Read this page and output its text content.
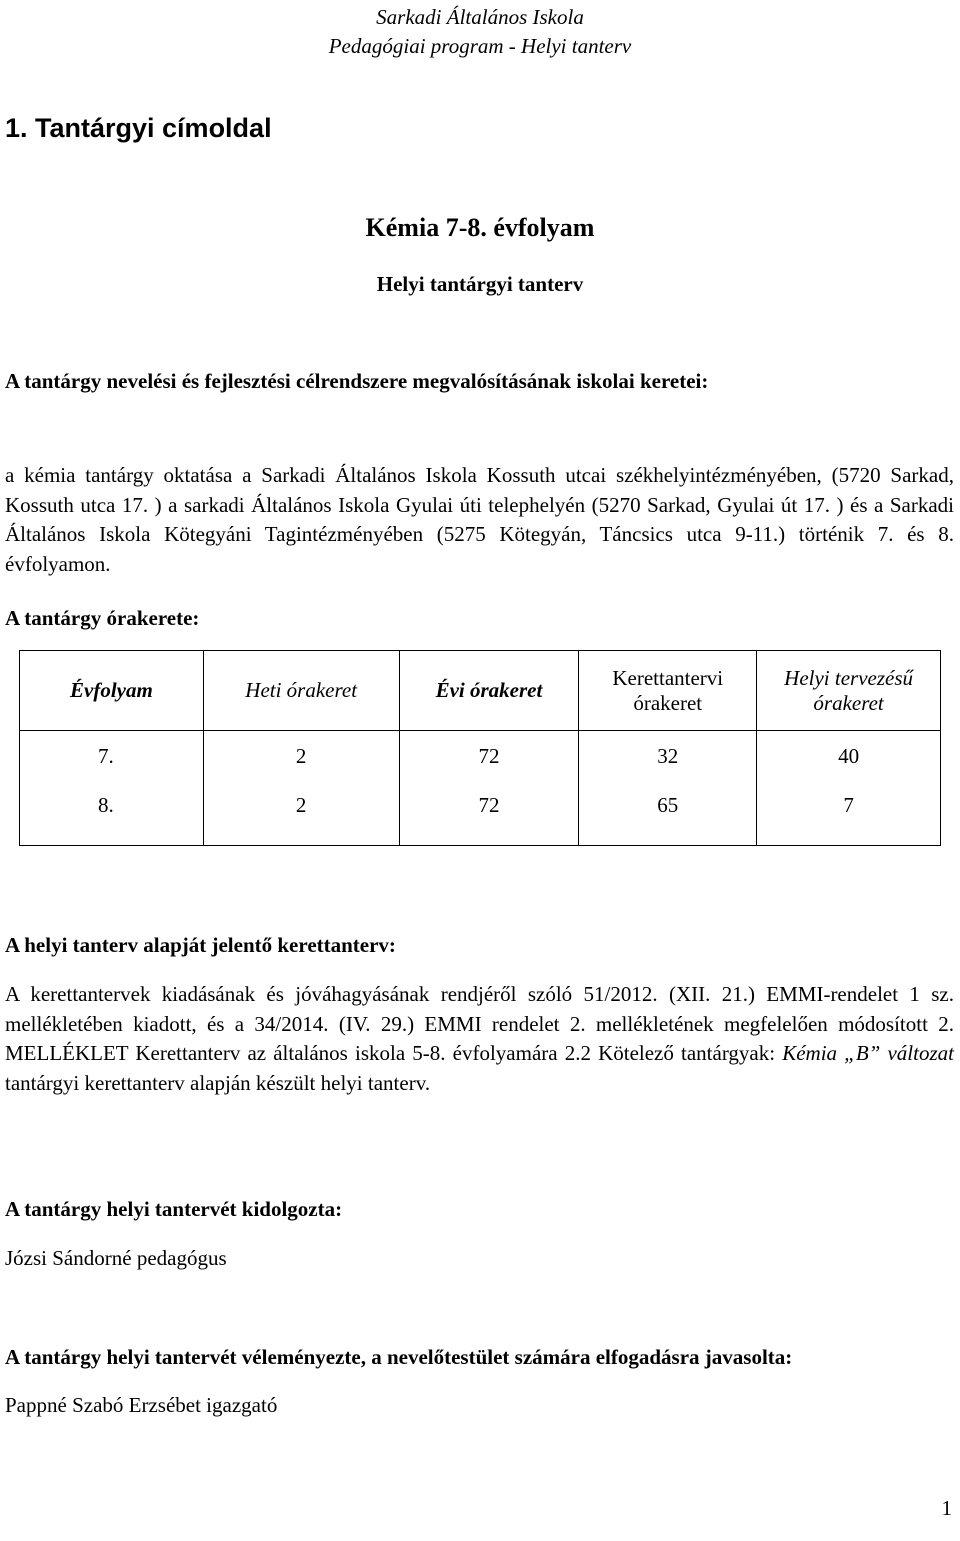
Sarkadi Általános Iskola
Pedagógiai program - Helyi tanterv
1. Tantárgyi címoldal
Kémia 7-8. évfolyam
Helyi tantárgyi tanterv
A tantárgy nevelési és fejlesztési célrendszere megvalósításának iskolai keretei:
a kémia tantárgy oktatása a Sarkadi Általános Iskola Kossuth utcai székhelyintézményében, (5720 Sarkad, Kossuth utca 17. ) a sarkadi Általános Iskola Gyulai úti telephelyén (5270 Sarkad, Gyulai út 17. ) és a Sarkadi Általános Iskola Kötegyáni Tagintézményében (5275 Kötegyán, Táncsics utca 9-11.) történik 7. és 8. évfolyamon.
A tantárgy órakerete:
Évfolyam	Heti órakeret	Évi órakeret	Kerettantervi órakeret	Helyi tervezésű órakeret
7.	2	72	32	40
8.	2	72	65	7
A helyi tanterv alapját jelentő kerettanterv:
A kerettantervek kiadásának és jóváhagyásának rendjéről szóló 51/2012. (XII. 21.) EMMI-rendelet 1 sz. mellékletében kiadott, és a 34/2014. (IV. 29.) EMMI rendelet 2. mellékletének megfelelően módosított 2. MELLÉKLET Kerettanterv az általános iskola 5-8. évfolyamára 2.2 Kötelező tantárgyak: Kémia „B” változat tantárgyi kerettanterv alapján készült helyi tanterv.
A tantárgy helyi tantervét kidolgozta:
Józsi Sándorné pedagógus
A tantárgy helyi tantervét véleményezte, a nevelőtestület számára elfogadásra javasolta:
Pappné Szabó Erzsébet igazgató
1
